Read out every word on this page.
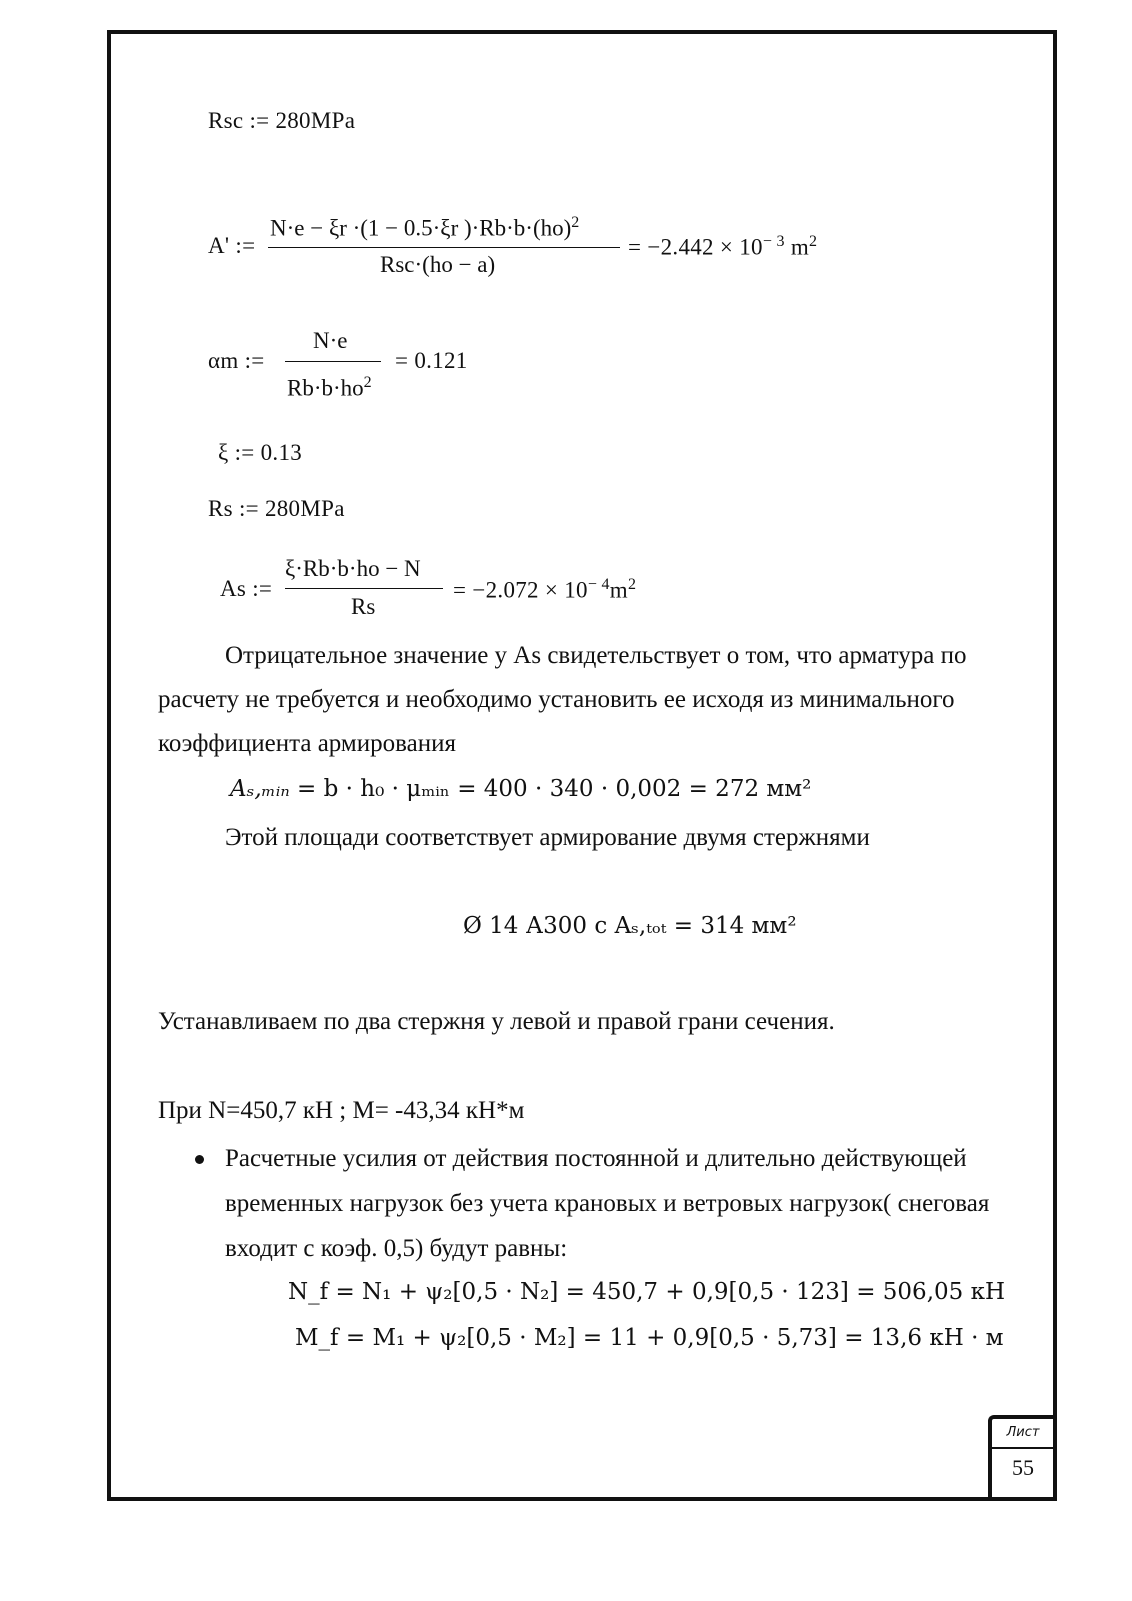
Rsc := 280MPa
A' :=
N·e − ξr ·(1 − 0.5·ξr )·Rb·b·(ho)$^2$
Rsc·(ho − a)
= $-2.442 \times 10^{- 3}$ $m^2$
αm :=
N·e
$Rb\cdot b\cdot ho^2$
= 0.121
ξ := 0.13
Rs := 280MPa
As :=
ξ·Rb·b·ho − N
Rs
= $-2.072 \times 10^{- 4}m^2$
Отрицательное значение у As свидетельствует о том, что арматура по
расчету не требуется и необходимо установить ее исходя из минимального
коэффициента армирования
Aₛ,ₘᵢₙ = b · h₀ · μₘᵢₙ = 400 · 340 · 0,002 = 272 мм²
Этой площади соответствует армирование двумя стержнями
Ø 14 А300 с Aₛ,ₜₒₜ = 314 мм²
Устанавливаем по два стержня у левой и правой грани сечения.
При N=450,7 кН ; M= -43,34 кН*м
Расчетные усилия от действия постоянной и длительно действующей
временных нагрузок без учета крановых и ветровых нагрузок( снеговая
входит с коэф. 0,5) будут равны:
N_f = N₁ + ψ₂[0,5 · N₂] = 450,7 + 0,9[0,5 · 123] = 506,05 кН
M_f = M₁ + ψ₂[0,5 · M₂] = 11 + 0,9[0,5 · 5,73] = 13,6 кН · м
Лист
55
